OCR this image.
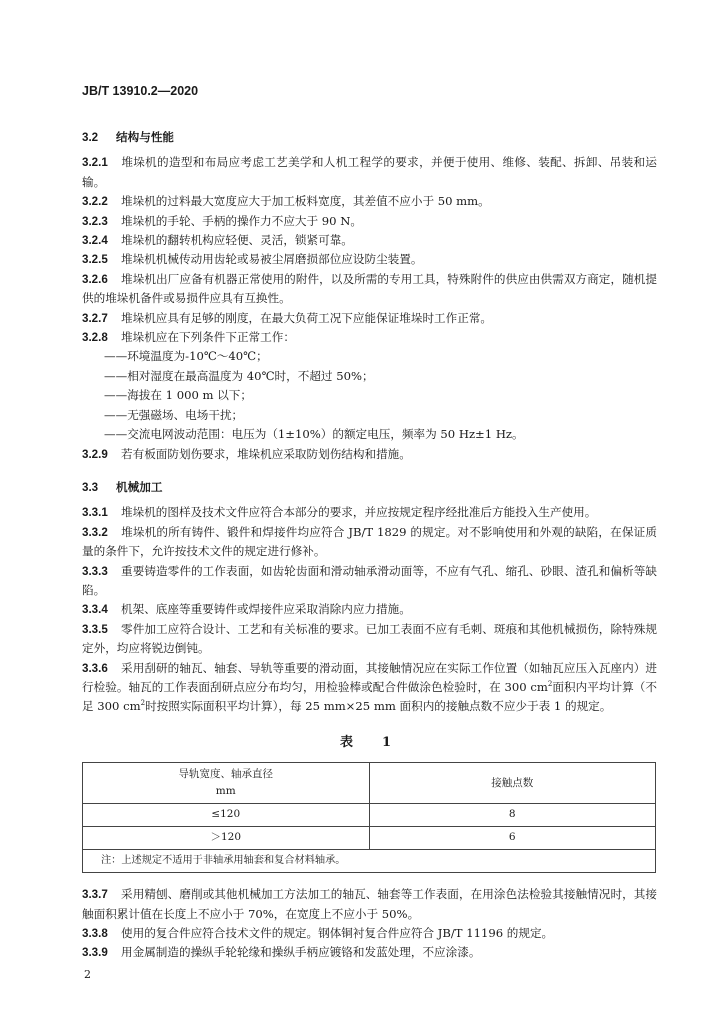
JB/T 13910.2—2020
3.2 结构与性能

3.2.1 堆垛机的造型和布局应考虑工艺美学和人机工程学的要求，并便于使用、维修、装配、拆卸、吊装和运输。

3.2.2 堆垛机的过料最大宽度应大于加工板料宽度，其差值不应小于 50 mm。

3.2.3 堆垛机的手轮、手柄的操作力不应大于 90 N。

3.2.4 堆垛机的翻转机构应轻便、灵活，锁紧可靠。

3.2.5 堆垛机机械传动用齿轮或易被尘屑磨损部位应设防尘装置。

3.2.6 堆垛机出厂应备有机器正常使用的附件，以及所需的专用工具，特殊附件的供应由供需双方商定，随机提供的堆垛机备件或易损件应具有互换性。

3.2.7 堆垛机应具有足够的刚度，在最大负荷工况下应能保证堆垛时工作正常。

3.2.8 堆垛机应在下列条件下正常工作：

——环境温度为-10℃～40℃；

——相对湿度在最高温度为 40℃时，不超过 50%；

——海拔在 1 000 m 以下；

——无强磁场、电场干扰；

——交流电网波动范围：电压为（1±10%）的额定电压，频率为 50 Hz±1 Hz。

3.2.9 若有板面防划伤要求，堆垛机应采取防划伤结构和措施。

3.3 机械加工

3.3.1 堆垛机的图样及技术文件应符合本部分的要求，并应按规定程序经批准后方能投入生产使用。

3.3.2 堆垛机的所有铸件、锻件和焊接件均应符合 JB/T 1829 的规定。对不影响使用和外观的缺陷，在保证质量的条件下，允许按技术文件的规定进行修补。

3.3.3 重要铸造零件的工作表面，如齿轮齿面和滑动轴承滑动面等，不应有气孔、缩孔、砂眼、渣孔和偏析等缺陷。

3.3.4 机架、底座等重要铸件或焊接件应采取消除内应力措施。

3.3.5 零件加工应符合设计、工艺和有关标准的要求。已加工表面不应有毛刺、斑痕和其他机械损伤，除特殊规定外，均应将锐边倒钝。

3.3.6 采用刮研的轴瓦、轴套、导轨等重要的滑动面，其接触情况应在实际工作位置（如轴瓦应压入瓦座内）进行检验。轴瓦的工作表面刮研点应分布均匀，用检验棒或配合件做涂色检验时，在 300 $cm^2$面积内平均计算（不足 300 $cm^2$时按照实际面积平均计算），每 25 mm×25 mm 面积内的接触点数不应少于表 1 的规定。

表　1
导轨宽度、轴承直径
mm	接触点数
≤120	8
＞120	6
注：上述规定不适用于非轴承用轴套和复合材料轴承。	

3.3.7 采用精刨、磨削或其他机械加工方法加工的轴瓦、轴套等工作表面，在用涂色法检验其接触情况时，其接触面积累计值在长度上不应小于 70%，在宽度上不应小于 50%。

3.3.8 使用的复合件应符合技术文件的规定。钢体铜衬复合件应符合 JB/T 11196 的规定。

3.3.9 用金属制造的操纵手轮轮缘和操纵手柄应镀铬和发蓝处理，不应涂漆。

2
